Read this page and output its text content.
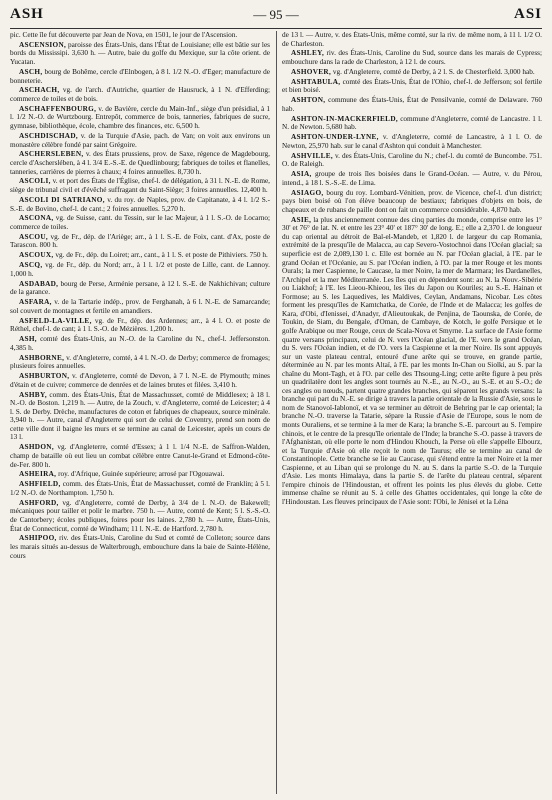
ASH	— 95 —	ASI

pic. Cette île fut découverte par Jean de Nova, en 1501, le jour de l'Ascension.

ASCENSION, paroisse des États-Unis, dans l'État de Louisiane; elle est bâtie sur les bords du Mississipi. 3,630 h. — Autre, baie du golfe du Mexique, sur la côte orient. de Yucatan.

ASCH, bourg de Bohême, cercle d'Elnbogen, à 8 l. 1/2 N.-O. d'Eger; manufacture de bonneterie.

ASCHACH, vg. de l'arch. d'Autriche, quartier de Hausruck, à 1 N. d'Efferding; commerce de toiles et de bois.

ASCHAFFENBOURG, v. de Bavière, cercle du Main-Inf., siège d'un présidial, à 1 l. 1/2 N.-O. de Wurtzbourg. Entrepôt, commerce de bois, tanneries, fabriques de sucre, gymnase, bibliothèque, école, chambre des finances, etc. 6,500 h.

ASCHDISCHAD, v. de la Turquie d'Asie, pach. de Van; on voit aux environs un monastère célèbre fondé par saint Grégoire.

ASCHERSLEBEN, v. des États prussiens, prov. de Saxe, régence de Magdebourg, cercle d'Ascherslében, à 4 l. 3/4 E.-S.-E. de Quedlinbourg; fabriques de toiles et flanelles, tanneries, carrières de pierres à chaux; 4 foires annuelles. 8,730 h.

ASCOLI, v. et port des États de l'Église, chef-l. de délégation, à 31 l. N.-E. de Rome, siège de tribunal civil et d'évêché suffragant du Saint-Siège; 3 foires annuelles. 12,400 h.

ASCOLI DI SATRIANO, v. du roy. de Naples, prov. de Capitanate, à 4 l. 1/2 S.-S.-E. de Bovino, chef-l. de cant.; 2 foires annuelles. 5,270 h.

ASCONA, vg. de Suisse, cant. du Tessin, sur le lac Majeur, à 1 l. S.-O. de Locarno; commerce de toiles.

ASCOU, vg. de Fr., dép. de l'Ariège; arr., à 1 l. S.-E. de Foix, cant. d'Ax, poste de Tarascon. 800 h.

ASCOUX, vg. de Fr., dép. du Loiret; arr., cant., à 1 l. S. et poste de Pithiviers. 750 h.

ASCQ, vg. de Fr., dép. du Nord; arr., à 1 l. 1/2 et poste de Lille, cant. de Lannoy. 1,000 h.

ASDABAD, bourg de Perse, Arménie persane, à 12 l. S.-E. de Nakhichivan; culture de la garance.

ASFARA, v. de la Tartarie indép., prov. de Ferghanah, à 6 l. N.-E. de Samarcande; sol couvert de montagnes et fertile en amandiers.

ASFELD-LA-VILLE, vg. de Fr., dép. des Ardennes; arr., à 4 l. O. et poste de Réthel, chef-l. de cant; à 1 l. S.-O. de Mézières. 1,200 h.

ASH, comté des États-Unis, au N.-O. de la Caroline du N., chef-l. Jeffersonston. 4,385 h.

ASHBORNE, v. d'Angleterre, comté, à 4 l. N.-O. de Derby; commerce de fromages; plusieurs foires annuelles.

ASHBURTON, v. d'Angleterre, comté de Devon, à 7 l. N.-E. de Plymouth; mines d'étain et de cuivre; commerce de denrées et de laines brutes et filées. 3,410 h.

ASHBY, comm. des États-Unis, État de Massachusset, comté de Middlesex; à 18 l. N.-O. de Boston. 1,219 h. — Autre, de la Zouch, v. d'Angleterre, comté de Leicester; à 4 l. S. de Derby. Drèche, manufactures de coton et fabriques de chapeaux, source minérale. 3,940 h. — Autre, canal d'Angleterre qui sort de celui de Coventry, prend son nom de cette ville dont il baigne les murs et se termine au canal de Leicester, après un cours de 13 l.

ASHDON, vg. d'Angleterre, comté d'Essex; à 1 l. 1/4 N.-E. de Saffron-Walden, champ de bataille où eut lieu un combat célèbre entre Canut-le-Grand et Edmond-côte-de-Fer. 800 h.

ASHEIRA, roy. d'Afrique, Guinée supérieure; arrosé par l'Ogouawai.

ASHFIELD, comm. des États-Unis, État de Massachusset, comté de Franklin; à 5 l. 1/2 N.-O. de Northampton. 1,750 h.

ASHFORD, vg. d'Angleterre, comté de Derby, à 3/4 de l. N.-O. de Bakewell; mécaniques pour tailler et polir le marbre. 750 h. — Autre, comté de Kent; 5 l. S.-S.-O. de Cantorbery; écoles publiques, foires pour les laines. 2,780 h. — Autre, États-Unis, État de Connecticut, comté de Windham; 11 l. N.-E. de Hartford. 2,780 h.

ASHIPOO, riv. des États-Unis, Caroline du Sud et comté de Colleton; source dans les marais situés au-dessus de Walterbrough, embouchure dans la baie de Sainte-Hélène, cours

de 13 l. — Autre, v. des États-Unis, même comté, sur la riv. de même nom, à 11 l. 1/2 O. de Charleston.

ASHLEY, riv. des États-Unis, Caroline du Sud, source dans les marais de Cypress; embouchure dans la rade de Charleston, à 12 l. de cours.

ASHOVER, vg. d'Angleterre, comté de Derby, à 2 l. S. de Chesterfield. 3,000 hab.

ASHTABULA, comté des États-Unis, État de l'Ohio, chef-l. de Jefferson; sol fertile et bien boisé.

ASHTON, commune des États-Unis, État de Pensilvanie, comté de Delaware. 760 hab.

ASHTON-IN-MACKERFIELD, commune d'Angleterre, comté de Lancastre. 1 l. N. de Newton. 5,680 hab.

ASHTON-UNDER-LYNE, v. d'Angleterre, comté de Lancastre, à 1 l. O. de Newton, 25,970 hab. sur le canal d'Ashton qui conduit à Manchester.

ASHVILLE, v. des États-Unis, Caroline du N.; chef-l. du comté de Buncombe. 751. O. de Raleigh.

ASIA, groupe de trois îles boisées dans le Grand-Océan. — Autre, v. du Pérou, intend., à 18 l. S.-S.-E. de Lima.

ASIAGO, bourg du roy. Lombard-Vénitien, prov. de Vicence, chef-l. d'un district; pays bien boisé où l'on élève beaucoup de bestiaux; fabriques d'objets en bois, de chapeaux et de rubans de paille dont on fait un commerce considérable. 4,870 hab.

ASIE, la plus anciennement connue des cinq parties du monde, comprise entre les 1° 30' et 76° de lat. N. et entre les 23° 40' et 187° 30' de long. E.; elle a 2,370 l. de longueur du cap oriental au détroit de Bal-el-Mandeb, et 1,820 l. de largeur du cap Romania, extrémité de la presqu'île de Malacca, au cap Severo-Vostochnoi dans l'Océan glacial; sa superficie est de 2,089,130 l. c. Elle est bornée au N. par l'Océan glacial, à l'E. par le grand Océan et l'Océanie, au S. par l'Océan indien, à l'O. par la mer Rouge et les monts Ourals; la mer Caspienne, le Caucase, la mer Noire, la mer de Marmara; les Dardanelles, l'Archipel et la mer Méditerranée. Les îles qui en dépendent sont: au N. la Nouv.-Sibérie ou Liakhof; à l'E. les Lieou-Khieou, les îles du Japon ou Kouriles; au S.-E. Hainan et Formose; au S. les Laquedives, les Maldives, Ceylan, Andamans, Nicobar. Les côtes forment les presqu'îles de Kamtchatka, de Corée, de l'Inde et de Malacca; les golfes de Kara, d'Obi, d'Ienissei, d'Anadyr, d'Alieutoukak, de Penjina, de Taounska, de Corée, de Toukin, de Siam, du Bengale, d'Oman, de Cambaye, de Kotch, le golfe Persique et le golfe Arabique ou mer Rouge, ceux de Scala-Nova et Smyrne. La surface de l'Asie forme quatre versans principaux, celui de N. vers l'Océan glacial, de l'E. vers le grand Océan, du S. vers l'Océan indien, et de l'O. vers la Caspienne et la mer Noire. Ils sont appuyés sur un vaste plateau central, entouré d'une arête qui se trouve, en grande partie, déterminée au N. par les monts Altaï, à l'E. par les monts In-Chan ou Siolki, au S. par la chaîne du Mont-Tagh, et à l'O. par celle des Thsoung-Ling; cette arête figure à peu près un quadrilatère dont les angles sont tournés au N.-E., au N.-O., au S.-E. et au S.-O.; de ces angles ou nœuds, partent quatre grandes branches, qui séparent les grands versans: la branche qui part du N.-E. se dirige à travers la partie orientale de la Russie d'Asie, sous le nom de Stanovoï-Iablonoï, et va se terminer au détroit de Behring par le cap oriental; la branche N.-O. traverse la Tatarie, sépare la Russie d'Asie de l'Europe, sous le nom de monts Ouraliens, et se termine à la mer de Kara; la branche S.-E. parcourt au S. l'empire chinois, et le centre de la presqu'île orientale de l'Inde; la branche S.-O. passe à travers de l'Afghanistan, où elle porte le nom d'Hindou Khouch, la Perse où elle s'appelle Elbourz, et la Turquie d'Asie où elle reçoit le nom de Taurus; elle se termine au canal de Constantinople. Cette branche se lie au Caucase, qui s'étend entre la mer Noire et la mer Caspienne, et au Liban qui se prolonge du N. au S. dans la partie S.-O. de la Turquie d'Asie. Les monts Himalaya, dans la partie S. de l'arête du plateau central, séparent l'empire chinois de l'Hindoustan, et offrent les points les plus élevés du globe. Cette immense chaîne se réunit au S. à celle des Ghattes occidentales, qui longe la côte de l'Hindoustan. Les fleuves principaux de l'Asie sont: l'Obi, le Jénisei et la Léna
